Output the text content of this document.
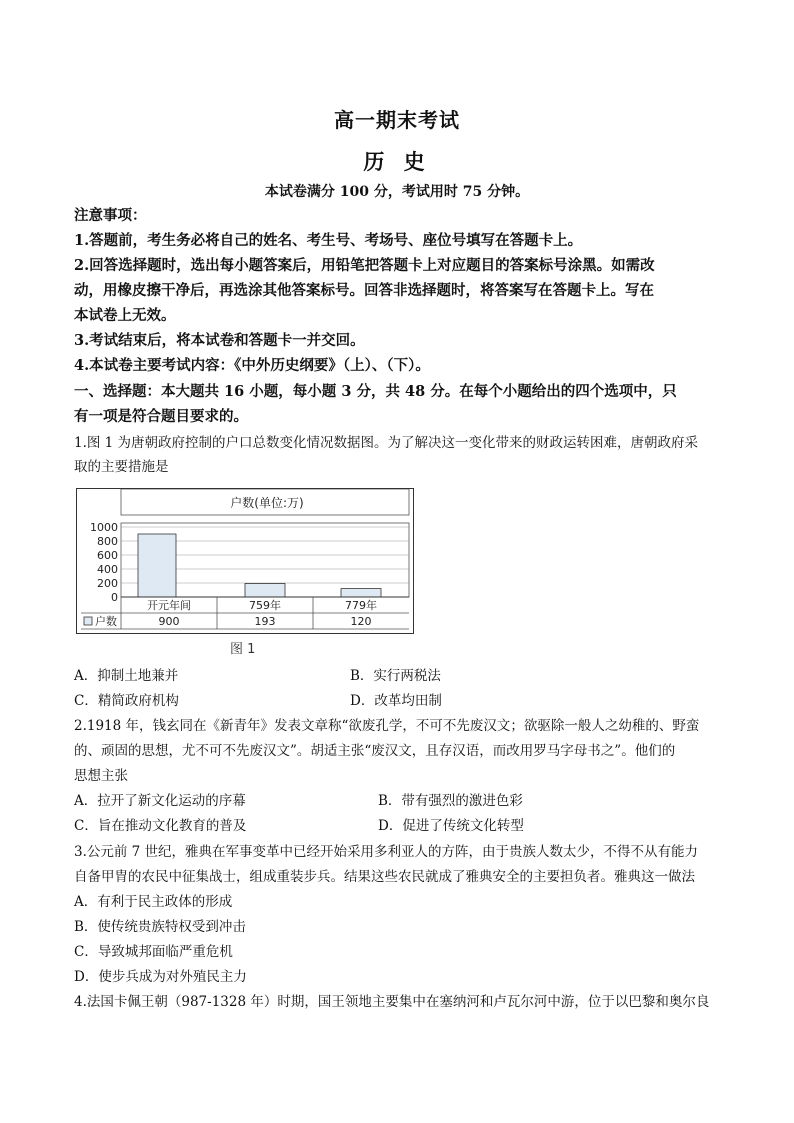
高一期末考试
历 史
本试卷满分 100 分，考试用时 75 分钟。
注意事项：
1.答题前，考生务必将自己的姓名、考生号、考场号、座位号填写在答题卡上。
2.回答选择题时，选出每小题答案后，用铅笔把答题卡上对应题目的答案标号涂黑。如需改
动，用橡皮擦干净后，再选涂其他答案标号。回答非选择题时，将答案写在答题卡上。写在
本试卷上无效。
3.考试结束后，将本试卷和答题卡一并交回。
4.本试卷主要考试内容：《中外历史纲要》（上）、（下）。
一、选择题：本大题共 16 小题，每小题 3 分，共 48 分。在每个小题给出的四个选项中，只
有一项是符合题目要求的。
1.图 1 为唐朝政府控制的户口总数变化情况数据图。为了解决这一变化带来的财政运转困难，唐朝政府采
取的主要措施是
户数(单位:万)
0
200
400
600
800
1000
开元年间	759年	779年
户数	900	193	120
图 1
A．抑制土地兼并	B．实行两税法
C．精简政府机构	D．改革均田制
2.1918 年，钱玄同在《新青年》发表文章称“欲废孔学，不可不先废汉文；欲驱除一般人之幼稚的、野蛮
的、顽固的思想，尤不可不先废汉文”。胡适主张“废汉文，且存汉语，而改用罗马字母书之”。他们的
思想主张
A．拉开了新文化运动的序幕	B．带有强烈的激进色彩
C．旨在推动文化教育的普及	D．促进了传统文化转型
3.公元前 7 世纪，雅典在军事变革中已经开始采用多利亚人的方阵，由于贵族人数太少，不得不从有能力
自备甲胄的农民中征集战士，组成重装步兵。结果这些农民就成了雅典安全的主要担负者。雅典这一做法
A．有利于民主政体的形成
B．使传统贵族特权受到冲击
C．导致城邦面临严重危机
D．使步兵成为对外殖民主力
4.法国卡佩王朝（987-1328 年）时期，国王领地主要集中在塞纳河和卢瓦尔河中游，位于以巴黎和奥尔良
